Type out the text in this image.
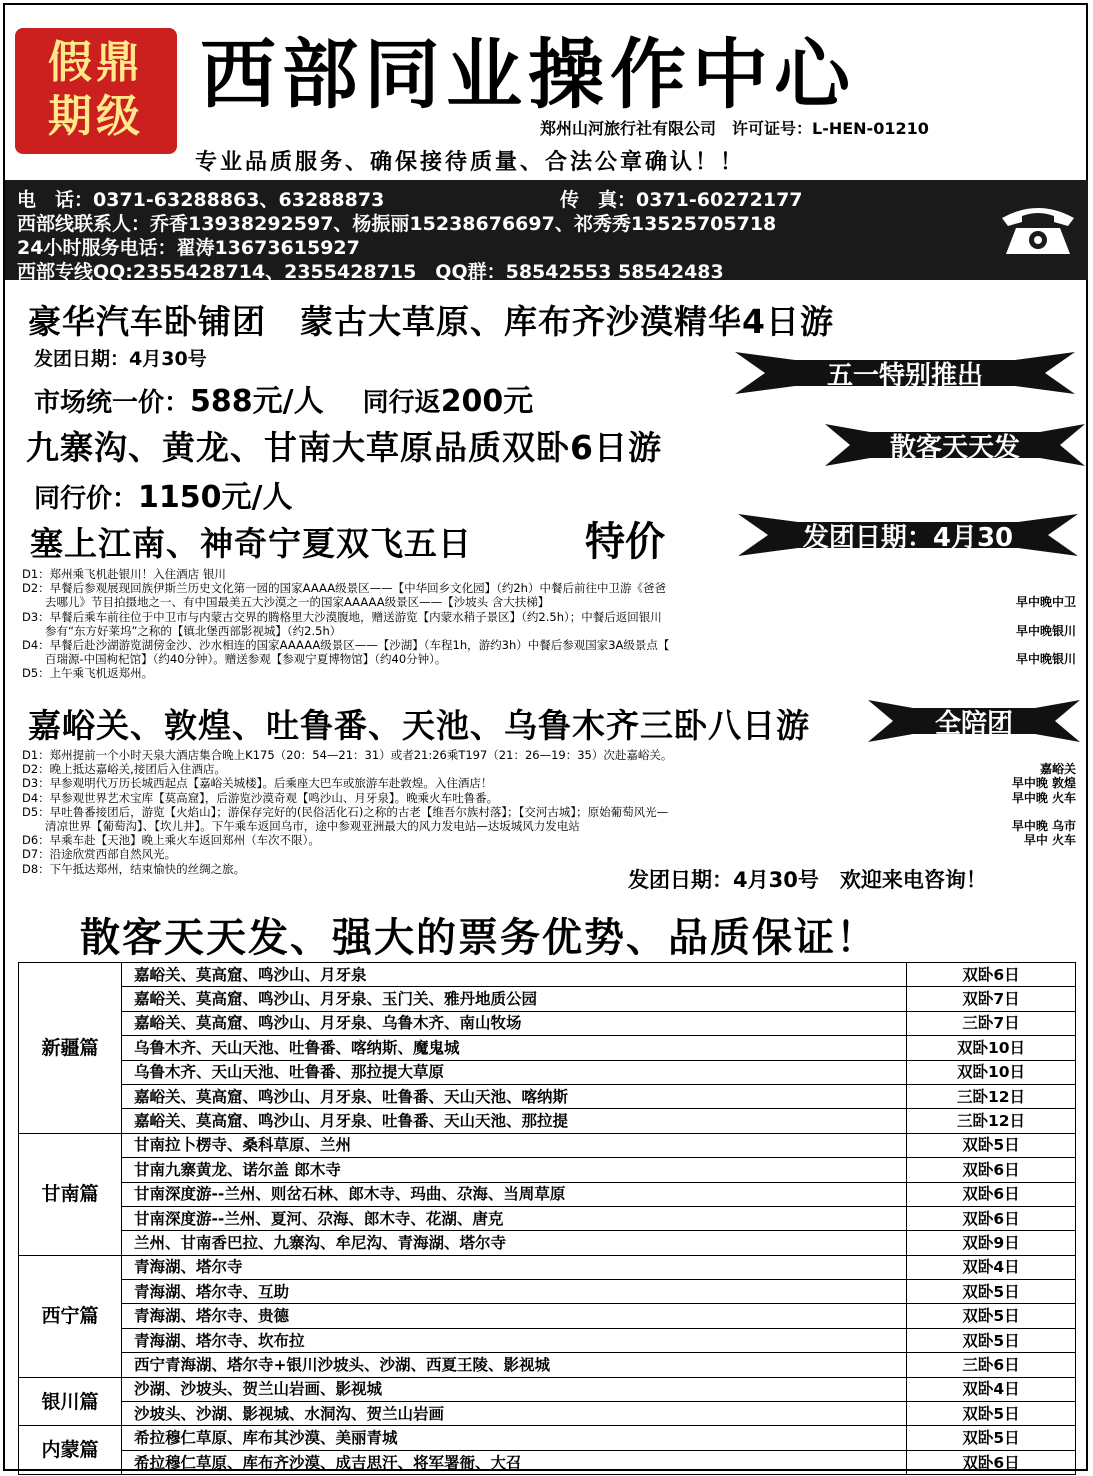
假鼎
期级 西部同业操作中心
郑州山河旅行社有限公司　许可证号：L-HEN-01210
专业品质服务、确保接待质量、合法公章确认！！
电　话：0371-63288863、63288873	传　真：0371-60272177
西部线联系人：乔香13938292597、杨振丽15238676697、祁秀秀13525705718
24小时服务电话：翟涛13673615927
西部专线QQ:2355428714、2355428715　QQ群：58542553 58542483
豪华汽车卧铺团　蒙古大草原、库布齐沙漠精华4日游
发团日期：4月30号
市场统一价：588元/人 同行返200元
五一特别推出
九寨沟、黄龙、甘南大草原品质双卧6日游	散客天天发
同行价：1150元/人
塞上江南、神奇宁夏双飞五日	特价	发团日期：4月30
D1：郑州乘飞机赴银川！入住酒店 银川
D2：早餐后参观展现回族伊斯兰历史文化第一园的国家AAAA级景区——【中华回乡文化园】（约2h）中餐后前往中卫游《爸爸
　　去哪儿》节目拍摄地之一、有中国最美五大沙漠之一的国家AAAAA级景区——【沙坡头 含大扶梯】	早中晚中卫
D3：早餐后乘车前往位于中卫市与内蒙古交界的腾格里大沙漠腹地，赠送游览【内蒙水稍子景区】（约2.5h）；中餐后返回银川
　　参有“东方好莱坞”之称的【镇北堡西部影视城】（约2.5h）	早中晚银川
D4：早餐后赴沙湖游览湖傍金沙、沙水相连的国家AAAAA级景区——【沙湖】（车程1h，游约3h）中餐后参观国家3A级景点【
　　百瑞源-中国枸杞馆】（约40分钟）。赠送参观【参观宁夏博物馆】（约40分钟）。	早中晚银川
D5：上午乘飞机返郑州。
嘉峪关、敦煌、吐鲁番、天池、乌鲁木齐三卧八日游	全陪团
D1：郑州提前一个小时天泉大酒店集合晚上K175（20：54—21：31）或者21:26乘T197（21：26—19：35）次赴嘉峪关。
D2：晚上抵达嘉峪关,接团后入住酒店。	嘉峪关
D3：早参观明代万历长城西起点【嘉峪关城楼】。后乘座大巴车或旅游车赴敦煌。入住酒店！	早中晚 敦煌
D4：早参观世界艺术宝库【莫高窟】，后游览沙漠奇观【鸣沙山、月牙泉】。晚乘火车吐鲁番。	早中晚 火车
D5：早吐鲁番接团后，游览【火焰山】；游保存完好的(民俗活化石)之称的古老【维吾尔族村落】；【交河古城】；原始葡萄风光—
　　清凉世界【葡萄沟】、【坎儿井】。下午乘车返回乌市，途中参观亚洲最大的风力发电站—达坂城风力发电站	早中晚 乌市
D6：早乘车赴【天池】晚上乘火车返回郑州（车次不限）。	早中 火车
D7：沿途欣赏西部自然风光。
D8：下午抵达郑州，结束愉快的丝绸之旅。	发团日期：4月30号　欢迎来电咨询！
散客天天发、强大的票务优势、品质保证！
新疆篇	嘉峪关、莫高窟、鸣沙山、月牙泉	双卧6日
	嘉峪关、莫高窟、鸣沙山、月牙泉、玉门关、雅丹地质公园	双卧7日
	嘉峪关、莫高窟、鸣沙山、月牙泉、乌鲁木齐、南山牧场	三卧7日
	乌鲁木齐、天山天池、吐鲁番、喀纳斯、魔鬼城	双卧10日
	乌鲁木齐、天山天池、吐鲁番、那拉提大草原	双卧10日
	嘉峪关、莫高窟、鸣沙山、月牙泉、吐鲁番、天山天池、喀纳斯	三卧12日
	嘉峪关、莫高窟、鸣沙山、月牙泉、吐鲁番、天山天池、那拉提	三卧12日
甘南篇	甘南拉卜楞寺、桑科草原、兰州	双卧5日
	甘南九寨黄龙、诺尔盖 郎木寺	双卧6日
	甘南深度游--兰州、则岔石林、郎木寺、玛曲、尕海、当周草原	双卧6日
	甘南深度游--兰州、夏河、尕海、郎木寺、花湖、唐克	双卧6日
	兰州、甘南香巴拉、九寨沟、牟尼沟、青海湖、塔尔寺	双卧9日
西宁篇	青海湖、塔尔寺	双卧4日
	青海湖、塔尔寺、互助	双卧5日
	青海湖、塔尔寺、贵德	双卧5日
	青海湖、塔尔寺、坎布拉	双卧5日
	西宁青海湖、塔尔寺+银川沙坡头、沙湖、西夏王陵、影视城	三卧6日
银川篇	沙湖、沙坡头、贺兰山岩画、影视城	双卧4日
	沙坡头、沙湖、影视城、水洞沟、贺兰山岩画	双卧5日
内蒙篇	希拉穆仁草原、库布其沙漠、美丽青城	双卧5日
	希拉穆仁草原、库布齐沙漠、成吉思汗、将军署衙、大召	双卧6日
